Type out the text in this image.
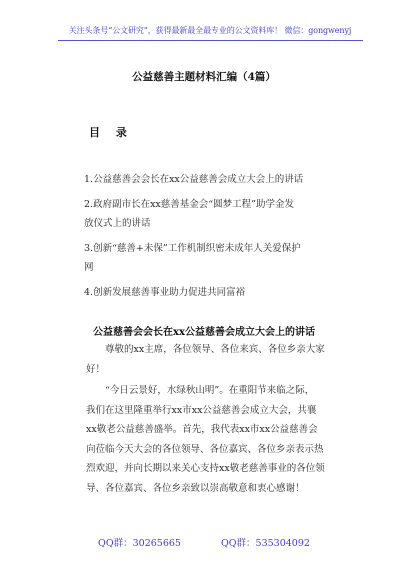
关注头条号“公文研究”，获得最新最全最专业的公文资料库！ 微信：gongwenyj
公益慈善主题材料汇编（4篇）
目 录
1.公益慈善会会长在xx公益慈善会成立大会上的讲话
2.政府副市长在xx慈善基金会“圆梦工程”助学金发
放仪式上的讲话
3.创新“慈善+未保”工作机制织密未成年人关爱保护
网
4.创新发展慈善事业助力促进共同富裕
公益慈善会会长在xx公益慈善会成立大会上的讲话
尊敬的xx主席，各位领导、各位来宾、各位乡亲大家
好！
“今日云景好，水绿秋山明”。在重阳节来临之际，
我们在这里隆重举行xx市xx公益慈善会成立大会，共襄
xx敬老公益慈善盛举。首先，我代表xx市xx公益慈善会
向莅临今天大会的各位领导、各位嘉宾、各位乡亲表示热
烈欢迎，并向长期以来关心支持xx敬老慈善事业的各位领
导、各位嘉宾、各位乡亲致以崇高敬意和衷心感谢！
QQ群：30265665	QQ群：535304092
